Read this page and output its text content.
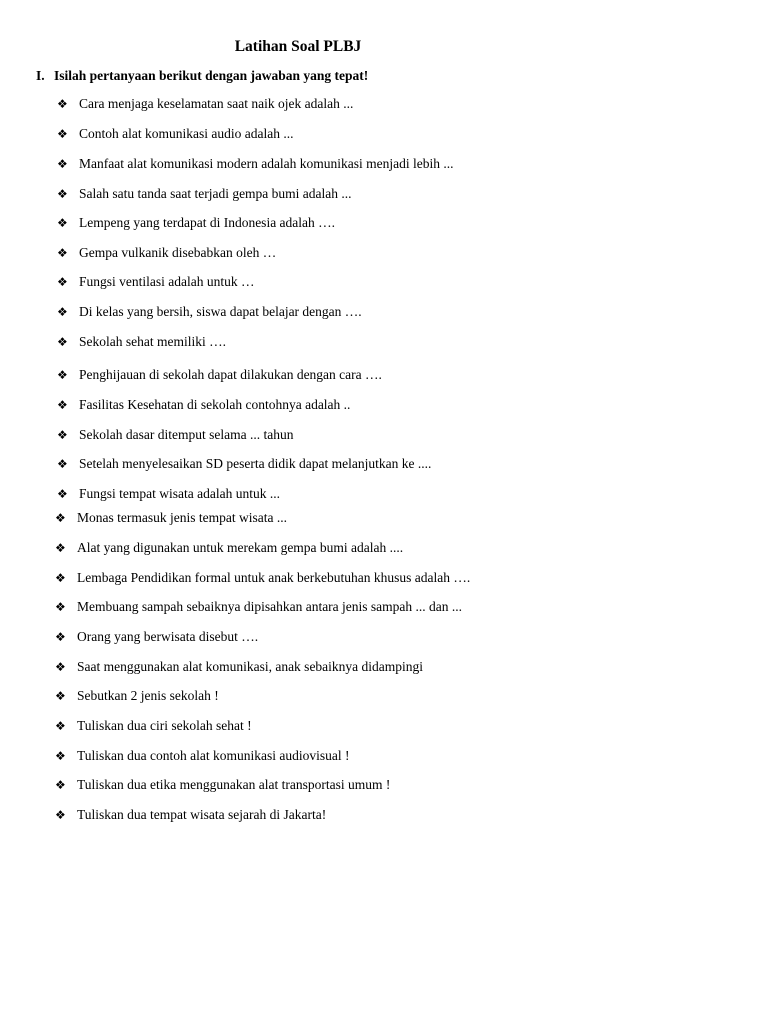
Latihan Soal PLBJ
I. Isilah pertanyaan berikut dengan jawaban yang tepat!
❖ Cara menjaga keselamatan saat naik ojek adalah ...
❖ Contoh alat komunikasi audio adalah ...
❖ Manfaat alat komunikasi modern adalah komunikasi menjadi lebih ...
❖ Salah satu tanda saat terjadi gempa bumi adalah ...
❖ Lempeng yang terdapat di Indonesia adalah ….
❖ Gempa vulkanik disebabkan oleh …
❖ Fungsi ventilasi adalah untuk …
❖ Di kelas yang bersih, siswa dapat belajar dengan ….
❖ Sekolah sehat memiliki ….
❖ Penghijauan di sekolah dapat dilakukan dengan cara ….
❖ Fasilitas Kesehatan di sekolah contohnya adalah ..
❖ Sekolah dasar ditemput selama ... tahun
❖ Setelah menyelesaikan SD peserta didik dapat melanjutkan ke ....
❖ Fungsi tempat wisata adalah untuk ...
❖ Monas termasuk jenis tempat wisata ...
❖ Alat yang digunakan untuk merekam gempa bumi adalah ....
❖ Lembaga Pendidikan formal untuk anak berkebutuhan khusus adalah ….
❖ Membuang sampah sebaiknya dipisahkan antara jenis sampah ... dan ...
❖ Orang yang berwisata disebut ….
❖ Saat menggunakan alat komunikasi, anak sebaiknya didampingi
❖ Sebutkan 2 jenis sekolah !
❖ Tuliskan dua ciri sekolah sehat !
❖ Tuliskan dua contoh alat komunikasi audiovisual !
❖ Tuliskan dua etika menggunakan alat transportasi umum !
❖ Tuliskan dua tempat wisata sejarah di Jakarta!
